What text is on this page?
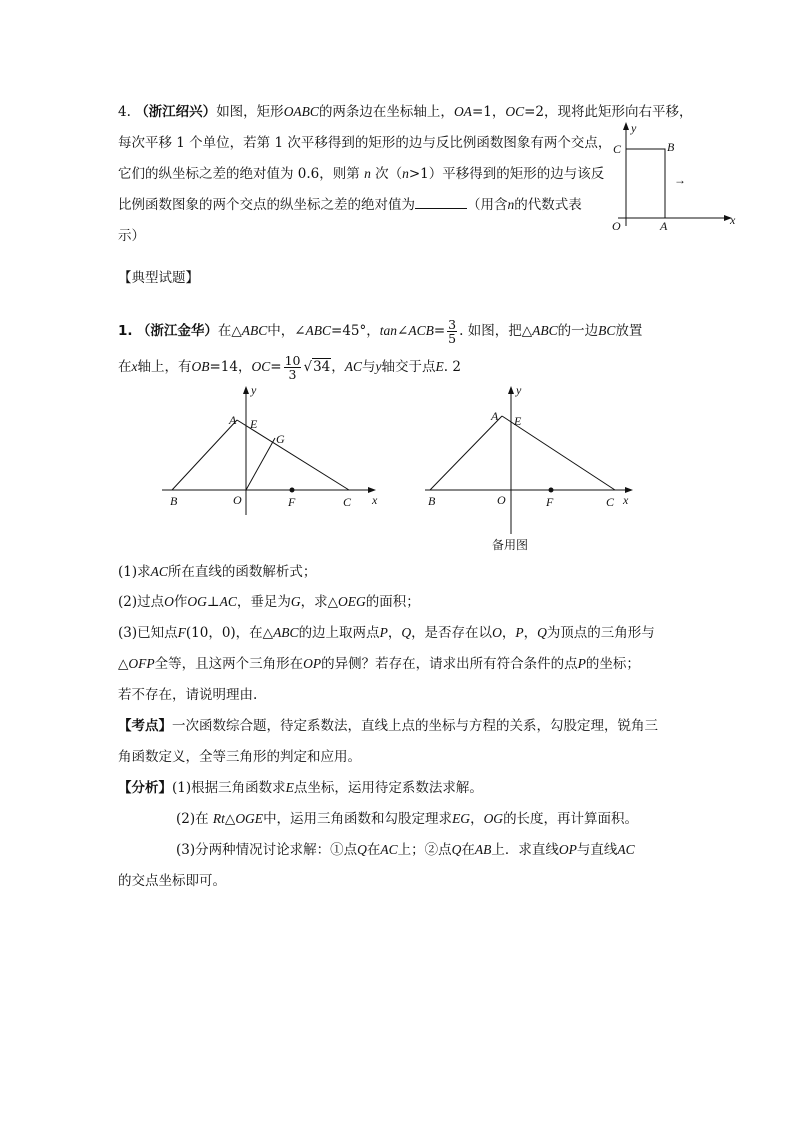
4. （浙江绍兴）如图，矩形OABC的两条边在坐标轴上，OA=1，OC=2，现将此矩形向右平移，
每次平移 1 个单位，若第 1 次平移得到的矩形的边与反比例函数图象有两个交点，
它们的纵坐标之差的绝对值为 0.6，则第 n 次（n>1）平移得到的矩形的边与该反
比例函数图象的两个交点的纵坐标之差的绝对值为	（用含n的代数式表
示）
y
x
C	B
O	A
→
【典型试题】
1. （浙江金华）在△ABC中，∠ABC=45°，tan∠ACB= $\frac{3}{5}$ . 如图，把△ABC的一边BC放置
在x轴上，有OB=14，$OC= \frac{10}{3} √34$，AC与y轴交于点E. 2
y
x
A E
G
B	O	F	C
y
x
A E
B	O	F	C
备用图
(1)求AC所在直线的函数解析式；
(2)过点O作OG⊥AC，垂足为G，求△OEG的面积；
(3)已知点F(10，0)，在△ABC的边上取两点P，Q，是否存在以O，P，Q为顶点的三角形与
△OFP全等，且这两个三角形在OP的异侧？若存在，请求出所有符合条件的点P的坐标；
若不存在，请说明理由.
【考点】一次函数综合题，待定系数法，直线上点的坐标与方程的关系，勾股定理，锐角三
角函数定义，全等三角形的判定和应用。
【分析】(1)根据三角函数求E点坐标，运用待定系数法求解。
(2)在 Rt△OGE中，运用三角函数和勾股定理求EG，OG的长度，再计算面积。
(3)分两种情况讨论求解：①点Q在AC上；②点Q在AB上．求直线OP与直线AC
的交点坐标即可。
